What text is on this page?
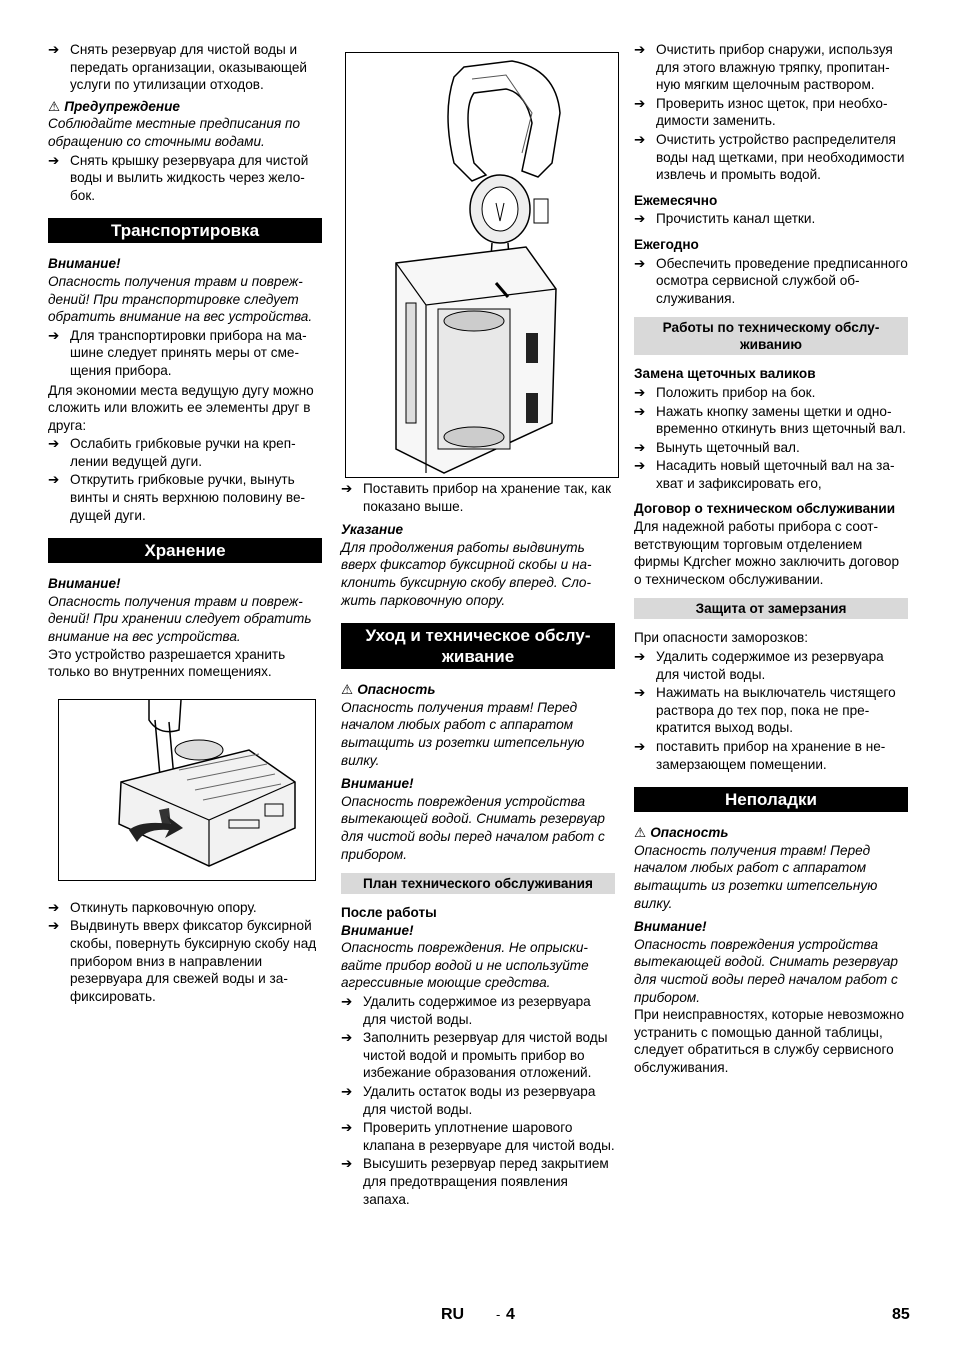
➔ Снять резервуар для чистой воды и передать организации, оказывающей услуги по утилизации отходов.

⚠ Предупреждение

Соблюдайте местные предписания по обращению со сточными водами.

➔ Снять крышку резервуара для чистой воды и вылить жидкость через желобок.

Транспортировка

Внимание!

Опасность получения травм и повреждений! При транспортировке следует обратить внимание на вес устройства.

➔ Для транспортировки прибора на машине следует принять меры от смещения прибора.

Для экономии места ведущую дугу можно сложить или вложить ее элементы друг в друга:

➔ Ослабить грибковые ручки на креплении ведущей дуги.

➔ Открутить грибковые ручки, вынуть винты и снять верхнюю половину ведущей дуги.

Хранение

Внимание!

Опасность получения травм и повреждений! При хранении следует обратить внимание на вес устройства.

Это устройство разрешается хранить только во внутренних помещениях.

➔ Откинуть парковочную опору.

➔ Выдвинуть вверх фиксатор буксирной скобы, повернуть буксирную скобу над прибором вниз в направлении резервуара для свежей воды и зафиксировать.

➔ Поставить прибор на хранение так, как показано выше.

Указание

Для продолжения работы выдвинуть вверх фиксатор буксирной скобы и наклонить буксирную скобу вперед. Сложить парковочную опору.

Уход и техническое обслуживание

⚠ Опасность

Опасность получения травм! Перед началом любых работ с аппаратом вытащить из розетки штепсельную вилку.

Внимание!

Опасность повреждения устройства вытекающей водой. Снимать резервуар для чистой воды перед началом работ с прибором.

План технического обслуживания

После работы

Внимание!

Опасность повреждения. Не опрыскивайте прибор водой и не используйте агрессивные моющие средства.

➔ Удалить содержимое из резервуара для чистой воды.

➔ Заполнить резервуар для чистой воды чистой водой и промыть прибор во избежание образования отложений.

➔ Удалить остаток воды из резервуара для чистой воды.

➔ Проверить уплотнение шарового клапана в резервуаре для чистой воды.

➔ Высушить резервуар перед закрытием для предотвращения появления запаха.

➔ Очистить прибор снаружи, используя для этого влажную тряпку, пропитанную мягким щелочным раствором.

➔ Проверить износ щеток, при необходимости заменить.

➔ Очистить устройство распределителя воды над щетками, при необходимости извлечь и промыть водой.

Ежемесячно

➔ Прочистить канал щетки.

Ежегодно

➔ Обеспечить проведение предписанного осмотра сервисной службой обслуживания.

Работы по техническому обслуживанию

Замена щеточных валиков

➔ Положить прибор на бок.

➔ Нажать кнопку замены щетки и одновременно откинуть вниз щеточный вал.

➔ Вынуть щеточный вал.

➔ Насадить новый щеточный вал на захват и зафиксировать его,

Договор о техническом обслуживании

Для надежной работы прибора с соответствующим торговым отделением фирмы Kдrcher можно заключить договор о техническом обслуживании.

Защита от замерзания

При опасности заморозков:

➔ Удалить содержимое из резервуара для чистой воды.

➔ Нажимать на выключатель чистящего раствора до тех пор, пока не прекратится выход воды.

➔ поставить прибор на хранение в незамерзающем помещении.

Неполадки

⚠ Опасность

Опасность получения травм! Перед началом любых работ с аппаратом вытащить из розетки штепсельную вилку.

Внимание!

Опасность повреждения устройства вытекающей водой. Снимать резервуар для чистой воды перед началом работ с прибором.

При неисправностях, которые невозможно устранить с помощью данной таблицы, следует обратиться в службу сервисного обслуживания.

RU - 4	85
